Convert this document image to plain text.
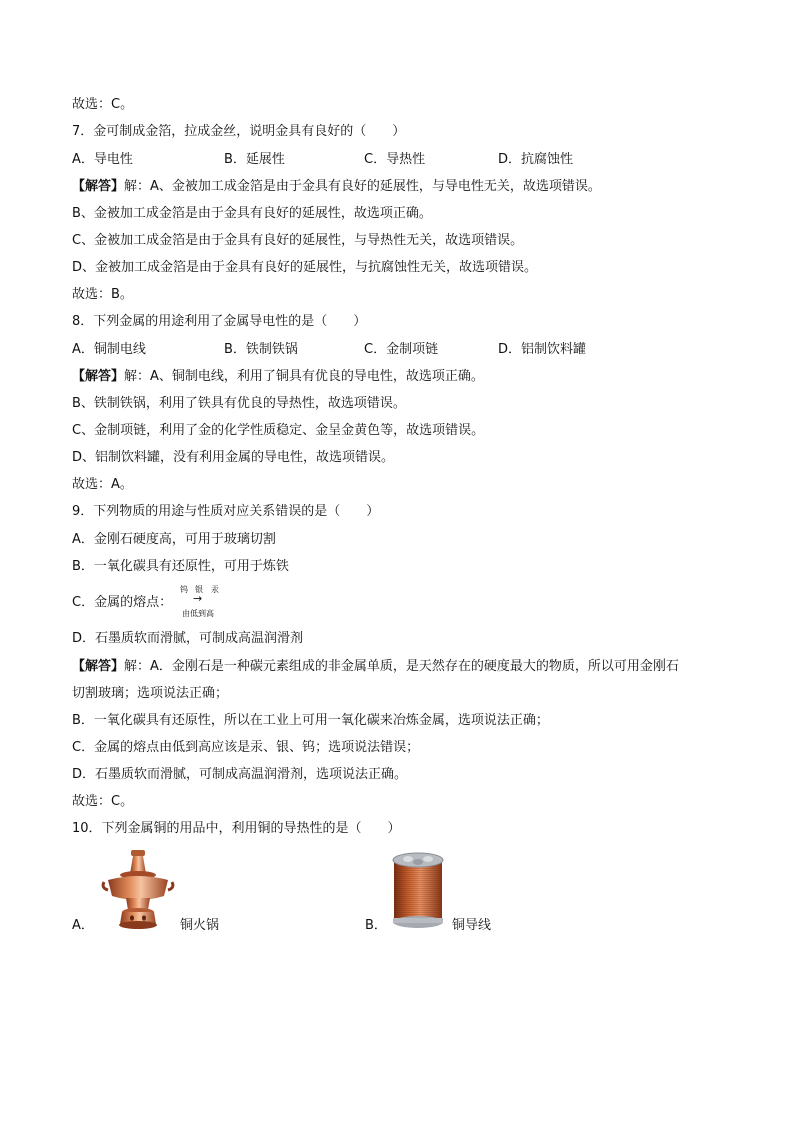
故选：C。
7．金可制成金箔，拉成金丝，说明金具有良好的（　　）
A．导电性	B．延展性	C．导热性	D．抗腐蚀性
【解答】解：A、金被加工成金箔是由于金具有良好的延展性，与导电性无关，故选项错误。
B、金被加工成金箔是由于金具有良好的延展性，故选项正确。
C、金被加工成金箔是由于金具有良好的延展性，与导热性无关，故选项错误。
D、金被加工成金箔是由于金具有良好的延展性，与抗腐蚀性无关，故选项错误。
故选：B。
8．下列金属的用途利用了金属导电性的是（　　）
A．铜制电线	B．铁制铁锅	C．金制项链	D．铝制饮料罐
【解答】解：A、铜制电线，利用了铜具有优良的导电性，故选项正确。
B、铁制铁锅，利用了铁具有优良的导热性，故选项错误。
C、金制项链，利用了金的化学性质稳定、金呈金黄色等，故选项错误。
D、铝制饮料罐，没有利用金属的导电性，故选项错误。
故选：A。
9．下列物质的用途与性质对应关系错误的是（　　）
A．金刚石硬度高，可用于玻璃切割
B．一氧化碳具有还原性，可用于炼铁
C．金属的熔点：
钨 银 汞
→
由低到高
D．石墨质软而滑腻，可制成高温润滑剂
【解答】解：A．金刚石是一种碳元素组成的非金属单质，是天然存在的硬度最大的物质，所以可用金刚石
切割玻璃；选项说法正确；
B．一氧化碳具有还原性，所以在工业上可用一氧化碳来冶炼金属，选项说法正确；
C．金属的熔点由低到高应该是汞、银、钨；选项说法错误；
D．石墨质软而滑腻，可制成高温润滑剂，选项说法正确。
故选：C。
10．下列金属铜的用品中，利用铜的导热性的是（　　）
A．	铜火锅	B．	铜导线
